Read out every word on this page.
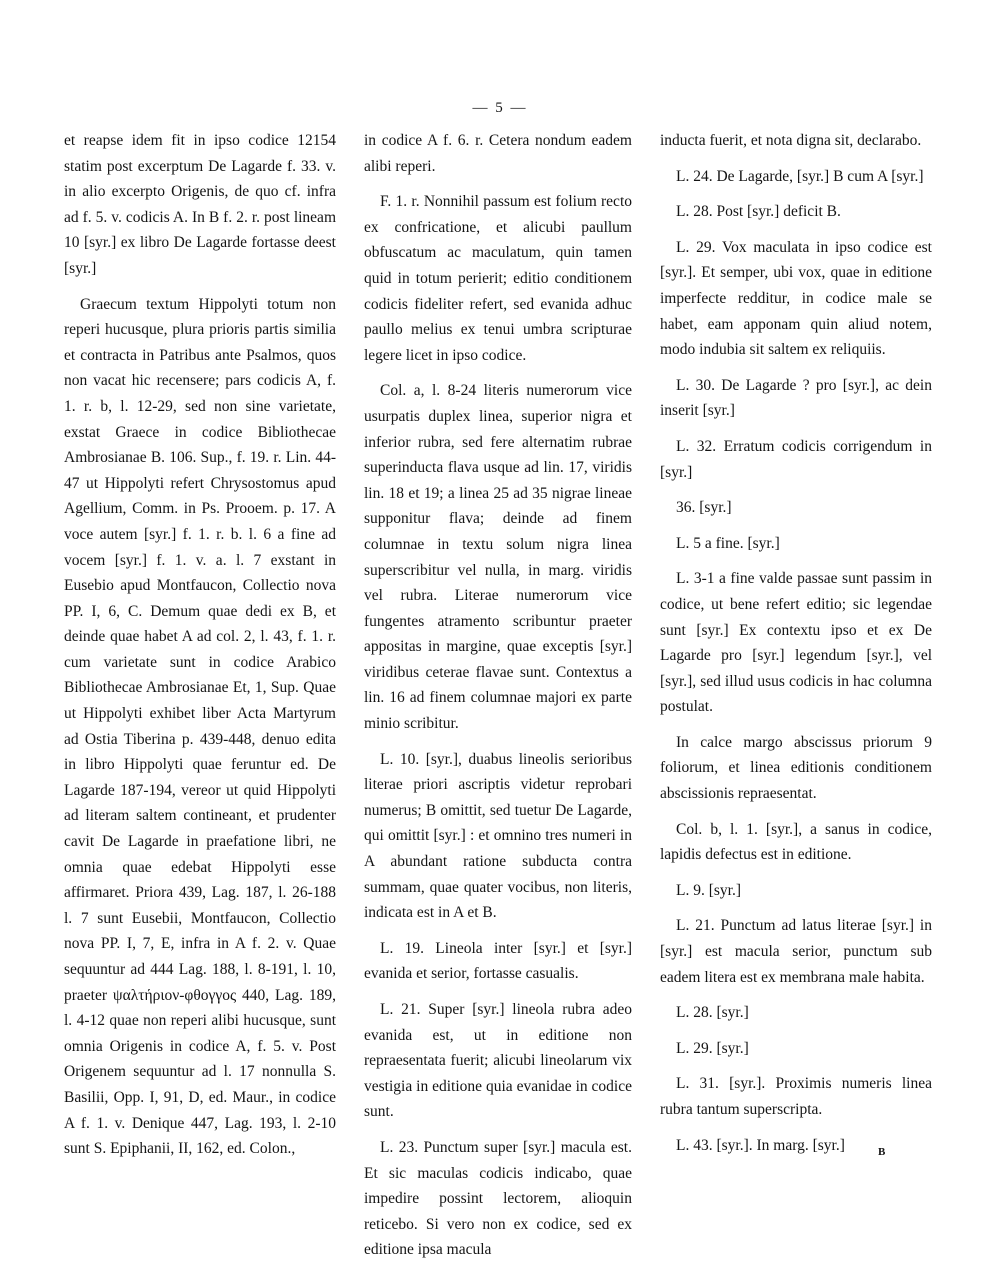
— 5 —

et reapse idem fit in ipso codice 12154 statim post excerptum De Lagarde f. 33. v. in alio excerpto Origenis, de quo cf. infra ad f. 5. v. codicis A. In B f. 2. r. post lineam 10 [syr.] ex libro De Lagarde fortasse deest [syr.]

Graecum textum Hippolyti totum non reperi hucusque, plura prioris partis similia et contracta in Patribus ante Psalmos, quos non vacat hic recensere; pars codicis A, f. 1. r. b, l. 12-29, sed non sine varietate, exstat Graece in codice Bibliothecae Ambrosianae B. 106. Sup., f. 19. r. Lin. 44-47 ut Hippolyti refert Chrysostomus apud Agellium, Comm. in Ps. Prooem. p. 17. A voce autem [syr.] f. 1. r. b. l. 6 a fine ad vocem [syr.] f. 1. v. a. l. 7 exstant in Eusebio apud Montfaucon, Collectio nova PP. I, 6, C. Demum quae dedi ex B, et deinde quae habet A ad col. 2, l. 43, f. 1. r. cum varietate sunt in codice Arabico Bibliothecae Ambrosianae Et, 1, Sup. Quae ut Hippolyti exhibet liber Acta Martyrum ad Ostia Tiberina p. 439-448, denuo edita in libro Hippolyti quae feruntur ed. De Lagarde 187-194, vereor ut quid Hippolyti ad literam saltem contineant, et prudenter cavit De Lagarde in praefatione libri, ne omnia quae edebat Hippolyti esse affirmaret. Priora 439, Lag. 187, l. 26-188 l. 7 sunt Eusebii, Montfaucon, Collectio nova PP. I, 7, E, infra in A f. 2. v. Quae sequuntur ad 444 Lag. 188, l. 8-191, l. 10, praeter ψαλτήριον-φθογγος 440, Lag. 189, l. 4-12 quae non reperi alibi hucusque, sunt omnia Origenis in codice A, f. 5. v. Post Origenem sequuntur ad l. 17 nonnulla S. Basilii, Opp. I, 91, D, ed. Maur., in codice A f. 1. v. Denique 447, Lag. 193, l. 2-10 sunt S. Epiphanii, II, 162, ed. Colon.,

in codice A f. 6. r. Cetera nondum eadem alibi reperi.

F. 1. r. Nonnihil passum est folium recto ex confricatione, et alicubi paullum obfuscatum ac maculatum, quin tamen quid in totum perierit; editio conditionem codicis fideliter refert, sed evanida adhuc paullo melius ex tenui umbra scripturae legere licet in ipso codice.

Col. a, l. 8-24 literis numerorum vice usurpatis duplex linea, superior nigra et inferior rubra, sed fere alternatim rubrae superinducta flava usque ad lin. 17, viridis lin. 18 et 19; a linea 25 ad 35 nigrae lineae supponitur flava; deinde ad finem columnae in textu solum nigra linea superscribitur vel nulla, in marg. viridis vel rubra. Literae numerorum vice fungentes atramento scribuntur praeter appositas in margine, quae exceptis [syr.] viridibus ceterae flavae sunt. Contextus a lin. 16 ad finem columnae majori ex parte minio scribitur.

L. 10. [syr.], duabus lineolis serioribus literae priori ascriptis videtur reprobari numerus; B omittit, sed tuetur De Lagarde, qui omittit [syr.] : et omnino tres numeri in A abundant ratione subducta contra summam, quae quater vocibus, non literis, indicata est in A et B.

L. 19. Lineola inter [syr.] et [syr.] evanida et serior, fortasse casualis.

L. 21. Super [syr.] lineola rubra adeo evanida est, ut in editione non repraesentata fuerit; alicubi lineolarum vix vestigia in editione quia evanidae in codice sunt.

L. 23. Punctum super [syr.] macula est. Et sic maculas codicis indicabo, quae impedire possint lectorem, alioquin reticebo. Si vero non ex codice, sed ex editione ipsa macula

inducta fuerit, et nota digna sit, declarabo.

L. 24. De Lagarde, [syr.] B cum A [syr.]

L. 28. Post [syr.] deficit B.

L. 29. Vox maculata in ipso codice est [syr.]. Et semper, ubi vox, quae in editione imperfecte redditur, in codice male se habet, eam apponam quin aliud notem, modo indubia sit saltem ex reliquiis.

L. 30. De Lagarde ? pro [syr.], ac dein inserit [syr.]

L. 32. Erratum codicis corrigendum in [syr.]

36. [syr.]

L. 5 a fine. [syr.]

L. 3-1 a fine valde passae sunt passim in codice, ut bene refert editio; sic legendae sunt [syr.] Ex contextu ipso et ex De Lagarde pro [syr.] legendum [syr.], vel [syr.], sed illud usus codicis in hac columna postulat.

In calce margo abscissus priorum 9 foliorum, et linea editionis conditionem abscissionis repraesentat.

Col. b, l. 1. [syr.], a sanus in codice, lapidis defectus est in editione.

L. 9. [syr.]

L. 21. Punctum ad latus literae [syr.] in [syr.] est macula serior, punctum sub eadem litera est ex membrana male habita.

L. 28. [syr.]

L. 29. [syr.]

L. 31. [syr.]. Proximis numeris linea rubra tantum superscripta.

L. 43. [syr.]. In marg. [syr.]	B
